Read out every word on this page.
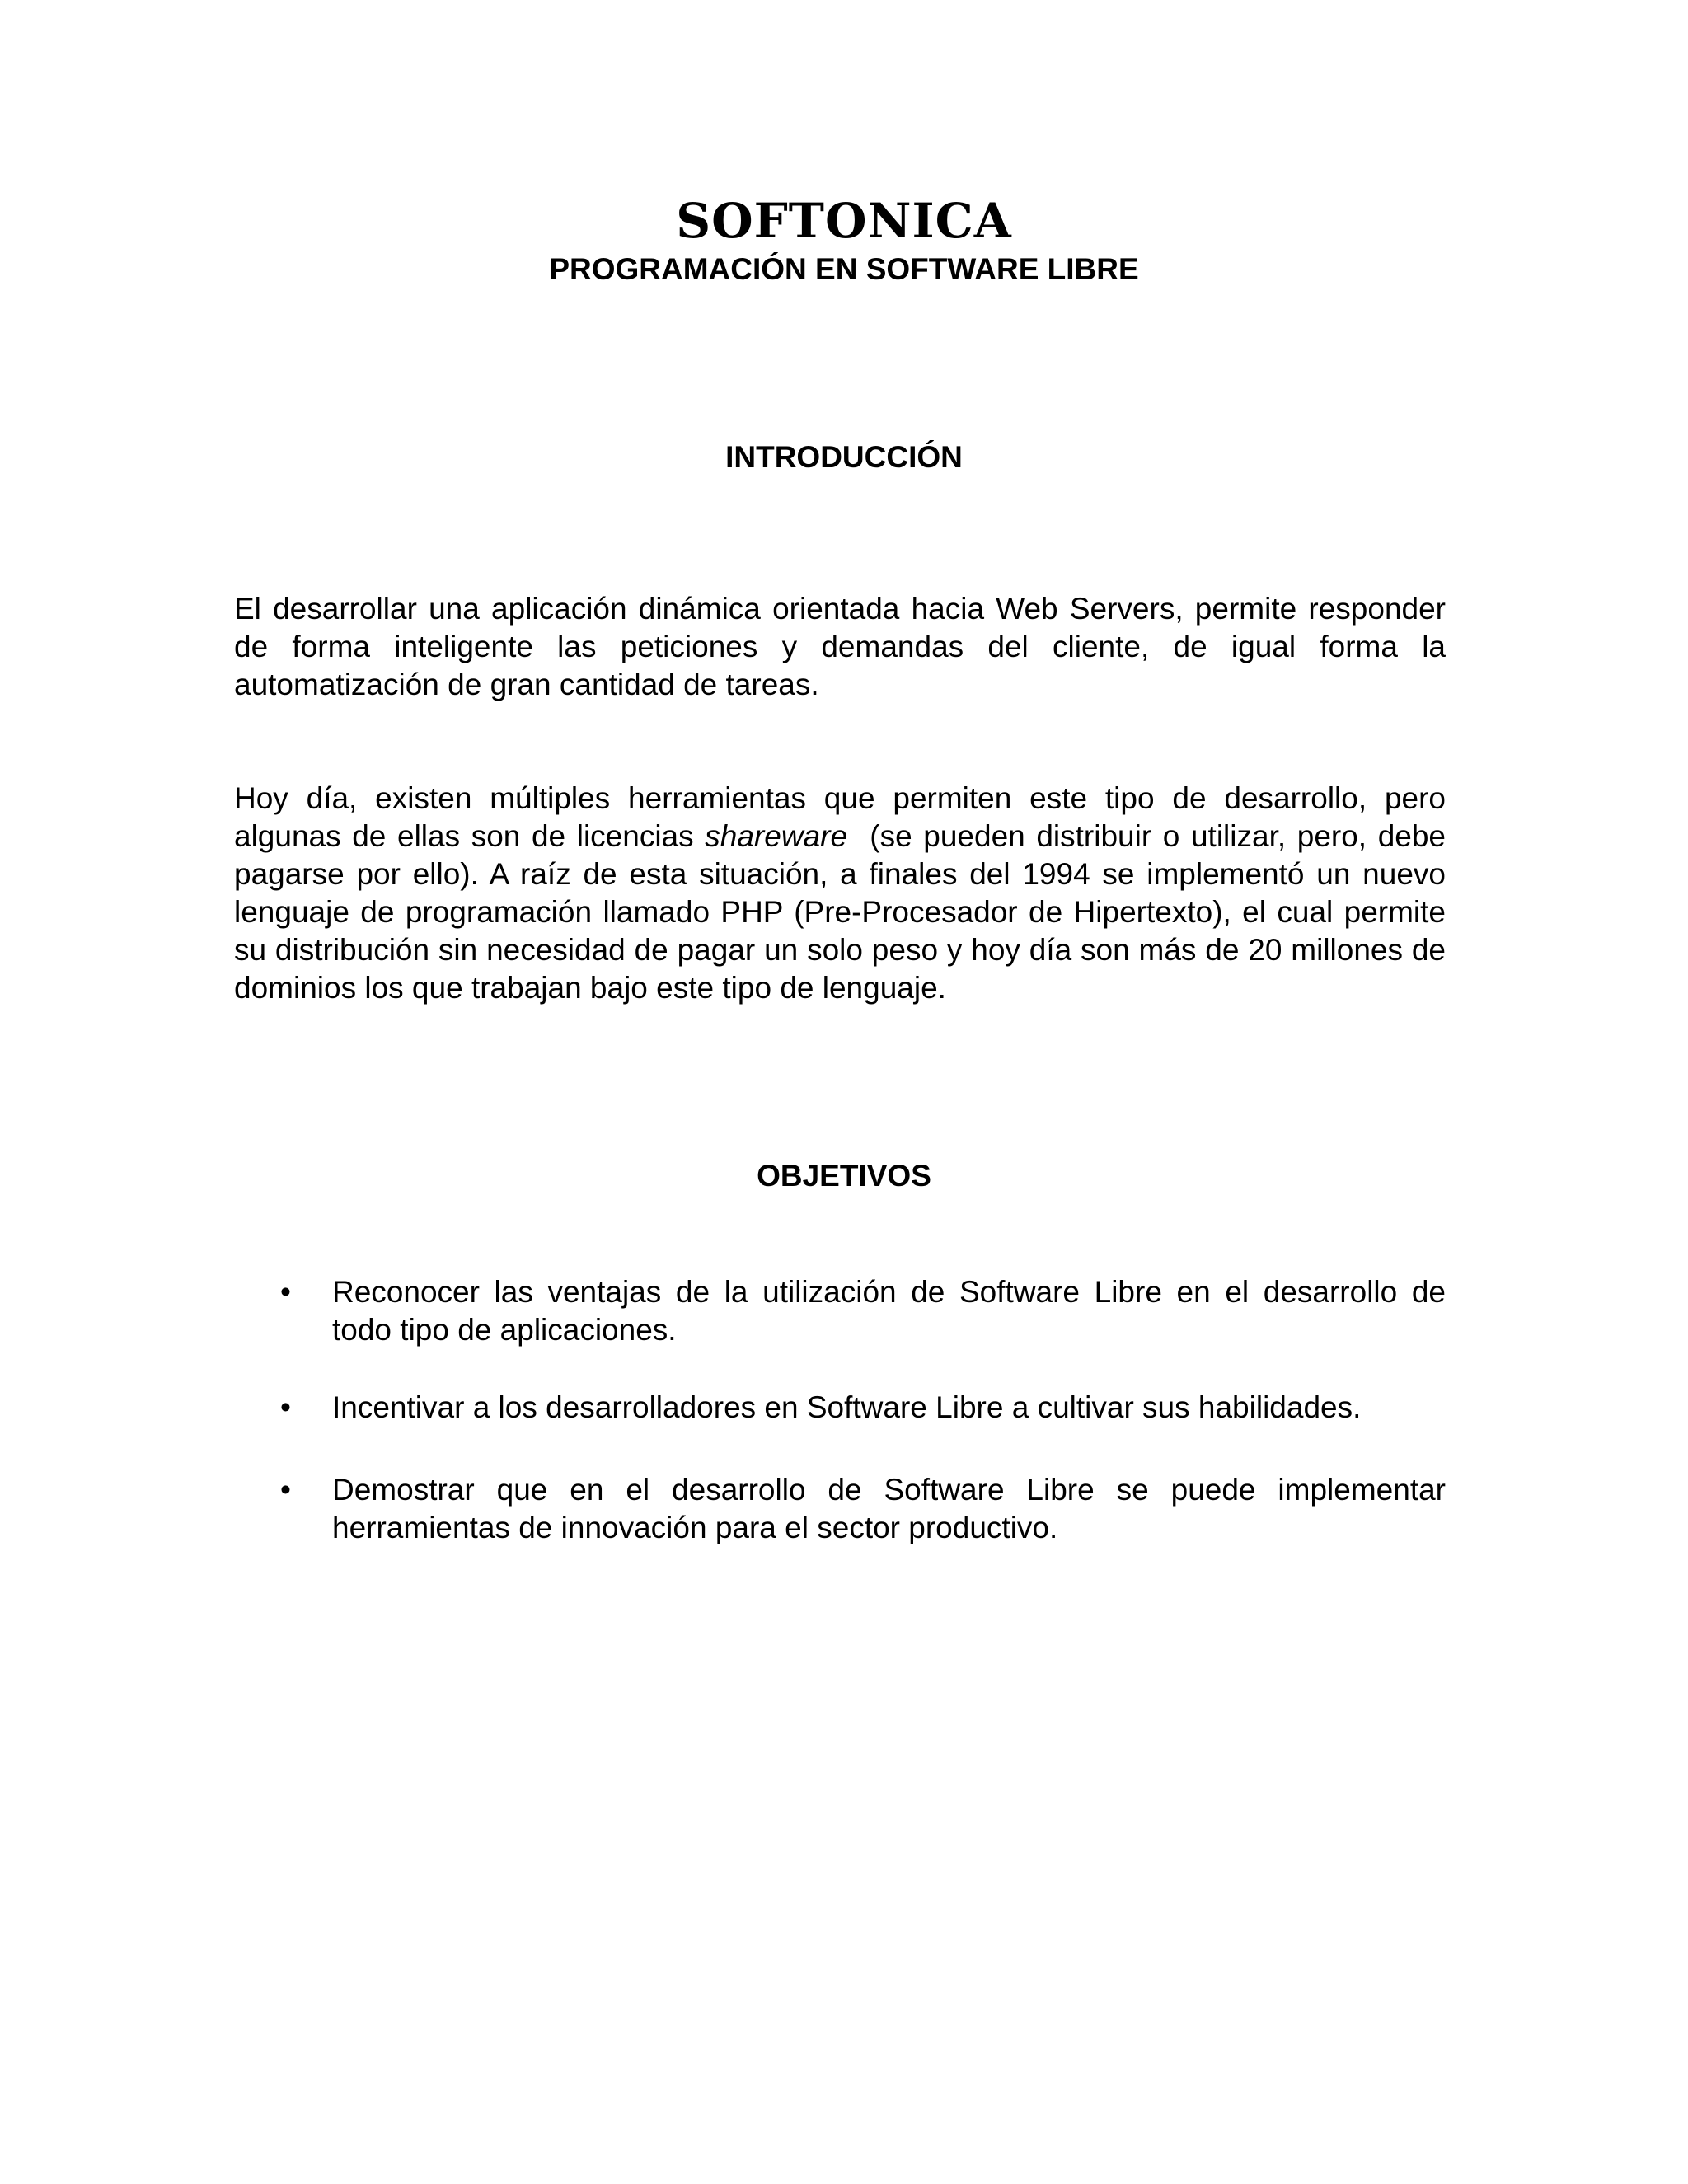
SOFTONICA
PROGRAMACIÓN EN SOFTWARE LIBRE
INTRODUCCIÓN

El desarrollar una aplicación dinámica orientada hacia Web Servers, permite responder de forma inteligente las peticiones y demandas del cliente, de igual forma la automatización de gran cantidad de tareas.

Hoy día, existen múltiples herramientas que permiten este tipo de desarrollo, pero algunas de ellas son de licencias shareware  (se pueden distribuir o utilizar, pero, debe pagarse por ello). A raíz de esta situación, a finales del 1994 se implementó un nuevo lenguaje de programación llamado PHP (Pre-Procesador de Hipertexto), el cual permite su distribución sin necesidad de pagar un solo peso y hoy día son más de 20 millones de dominios los que trabajan bajo este tipo de lenguaje.

OBJETIVOS
• Reconocer las ventajas de la utilización de Software Libre en el desarrollo de   todo tipo de aplicaciones.
• Incentivar a los desarrolladores en Software Libre a cultivar sus habilidades.
• Demostrar que en el desarrollo de Software Libre se puede implementar herramientas de innovación para el sector productivo.
